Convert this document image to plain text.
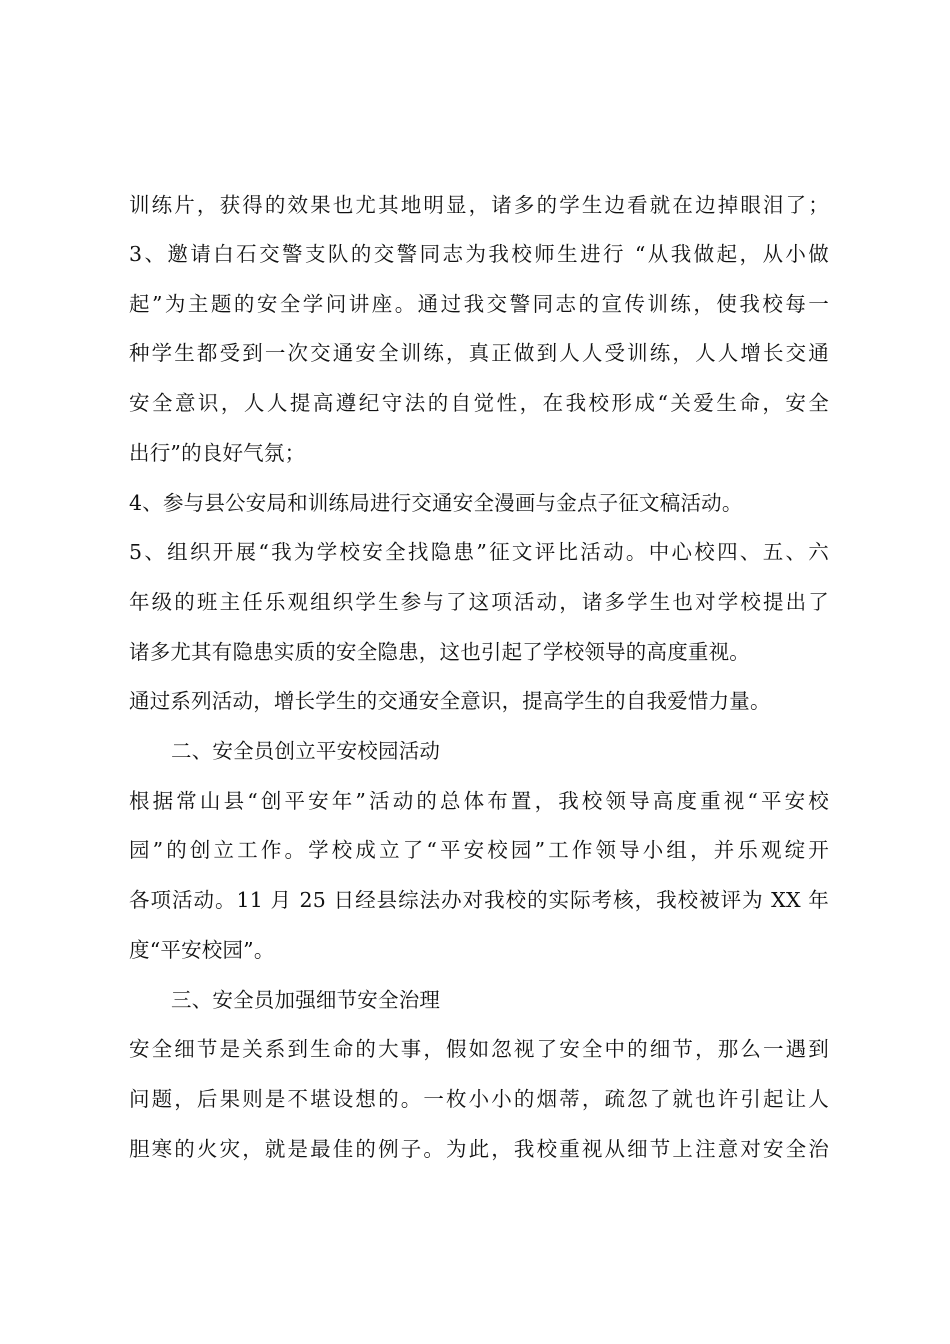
训练片，获得的效果也尤其地明显，诸多的学生边看就在边掉眼泪了；
3、邀请白石交警支队的交警同志为我校师生进行 “从我做起，从小做
起”为主题的安全学问讲座。通过我交警同志的宣传训练，使我校每一
种学生都受到一次交通安全训练，真正做到人人受训练，人人增长交通
安全意识，人人提高遵纪守法的自觉性，在我校形成“关爱生命，安全
出行”的良好气氛；
4、参与县公安局和训练局进行交通安全漫画与金点子征文稿活动。
5、组织开展“我为学校安全找隐患”征文评比活动。中心校四、五、六
年级的班主任乐观组织学生参与了这项活动，诸多学生也对学校提出了
诸多尤其有隐患实质的安全隐患，这也引起了学校领导的高度重视。
通过系列活动，增长学生的交通安全意识，提高学生的自我爱惜力量。
二、安全员创立平安校园活动
根据常山县“创平安年”活动的总体布置，我校领导高度重视“平安校
园”的创立工作。学校成立了“平安校园”工作领导小组，并乐观绽开
各项活动。11 月 25 日经县综法办对我校的实际考核，我校被评为 XX 年
度“平安校园”。
三、安全员加强细节安全治理
安全细节是关系到生命的大事，假如忽视了安全中的细节，那么一遇到
问题，后果则是不堪设想的。一枚小小的烟蒂，疏忽了就也许引起让人
胆寒的火灾，就是最佳的例子。为此，我校重视从细节上注意对安全治
